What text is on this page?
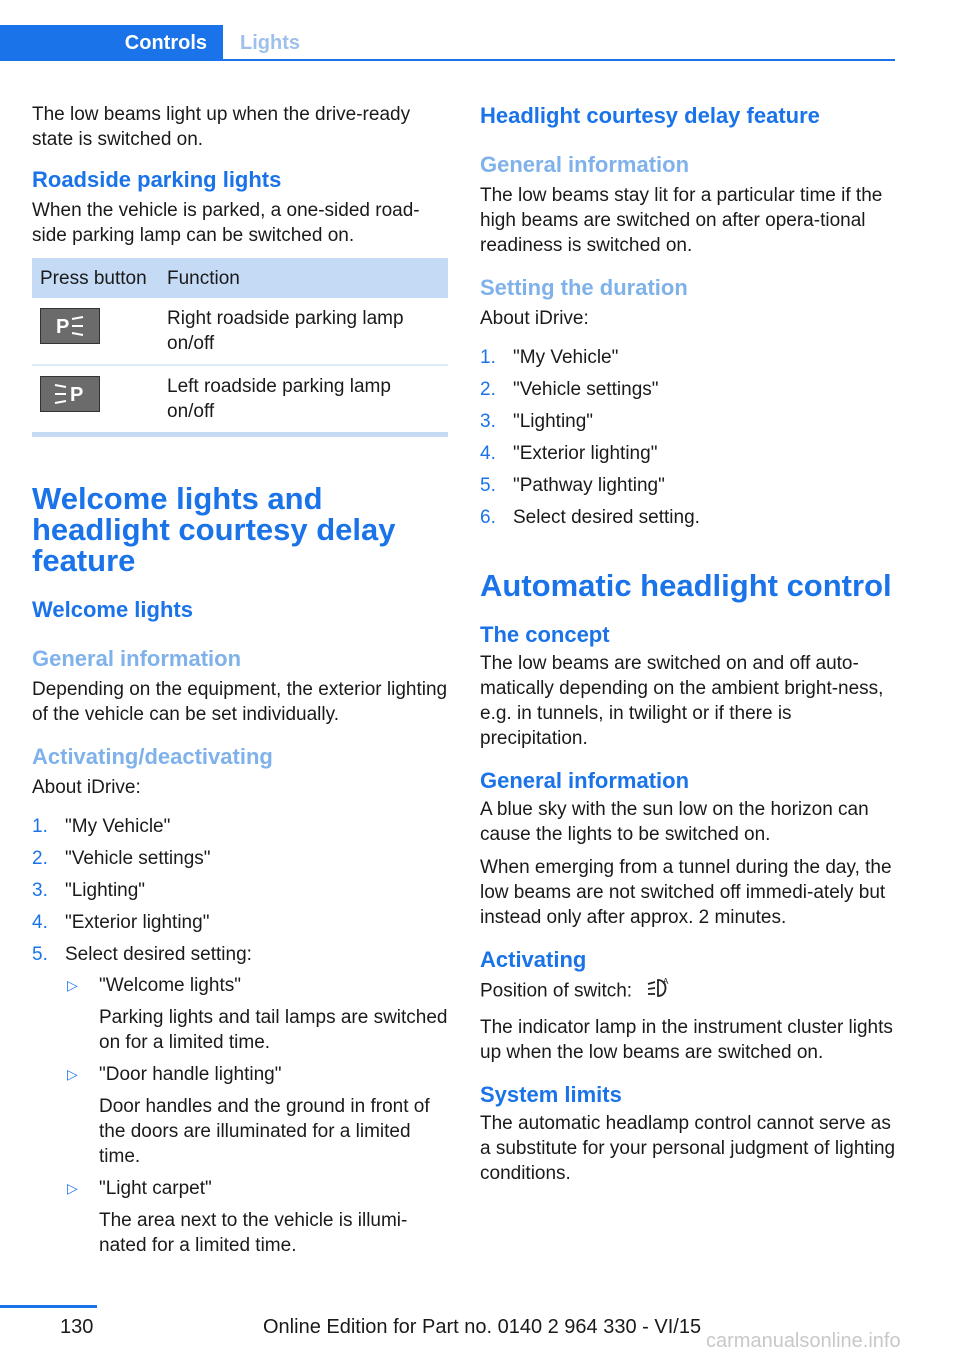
Controls	Lights

The low beams light up when the drive-ready state is switched on.

Roadside parking lights

When the vehicle is parked, a one-sided road-side parking lamp can be switched on.

Press button	Function

P	Right roadside parking lamp on/off

P	Left roadside parking lamp on/off
Welcome lights and headlight courtesy delay feature
Welcome lights
General information

Depending on the equipment, the exterior lighting of the vehicle can be set individually.

Activating/deactivating

About iDrive:

1. "My Vehicle"
2. "Vehicle settings"
3. "Lighting"
4. "Exterior lighting"
5. Select desired setting:
▷ "Welcome lights"
Parking lights and tail lamps are switched on for a limited time.
▷ "Door handle lighting"
Door handles and the ground in front of the doors are illuminated for a limited time.
▷ "Light carpet"
The area next to the vehicle is illumi-nated for a limited time.
Headlight courtesy delay feature
General information

The low beams stay lit for a particular time if the high beams are switched on after opera-tional readiness is switched on.

Setting the duration

About iDrive:

1. "My Vehicle"
2. "Vehicle settings"
3. "Lighting"
4. "Exterior lighting"
5. "Pathway lighting"
6. Select desired setting.
Automatic headlight control
The concept

The low beams are switched on and off auto-matically depending on the ambient bright-ness, e.g. in tunnels, in twilight or if there is precipitation.

General information

A blue sky with the sun low on the horizon can cause the lights to be switched on.

When emerging from a tunnel during the day, the low beams are not switched off immedi-ately but instead only after approx. 2 minutes.

Activating

Position of switch:	A

The indicator lamp in the instrument cluster lights up when the low beams are switched on.

System limits

The automatic headlamp control cannot serve as a substitute for your personal judgment of lighting conditions.

130	Online Edition for Part no. 0140 2 964 330 - VI/15
carmanualsonline.info
